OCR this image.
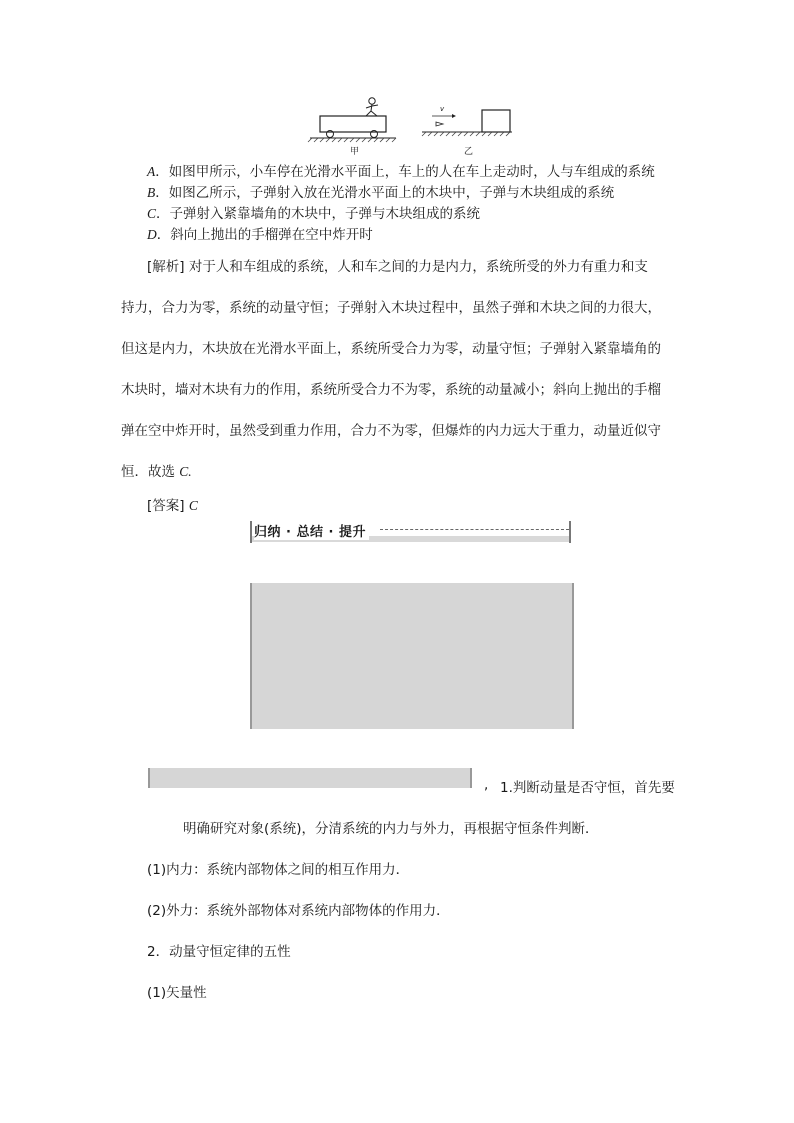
甲
v
乙
A．如图甲所示，小车停在光滑水平面上，车上的人在车上走动时，人与车组成的系统
B．如图乙所示，子弹射入放在光滑水平面上的木块中，子弹与木块组成的系统
C．子弹射入紧靠墙角的木块中，子弹与木块组成的系统
D．斜向上抛出的手榴弹在空中炸开时
[解析] 对于人和车组成的系统，人和车之间的力是内力，系统所受的外力有重力和支
持力，合力为零，系统的动量守恒；子弹射入木块过程中，虽然子弹和木块之间的力很大，
但这是内力，木块放在光滑水平面上，系统所受合力为零，动量守恒；子弹射入紧靠墙角的
木块时，墙对木块有力的作用，系统所受合力不为零，系统的动量减小；斜向上抛出的手榴
弹在空中炸开时，虽然受到重力作用，合力不为零，但爆炸的内力远大于重力，动量近似守
恒．故选 C.
[答案] C
归纳 · 总结 · 提升
, 1.判断动量是否守恒，首先要
明确研究对象(系统)，分清系统的内力与外力，再根据守恒条件判断．
(1)内力：系统内部物体之间的相互作用力．
(2)外力：系统外部物体对系统内部物体的作用力．
2．动量守恒定律的五性
(1)矢量性
